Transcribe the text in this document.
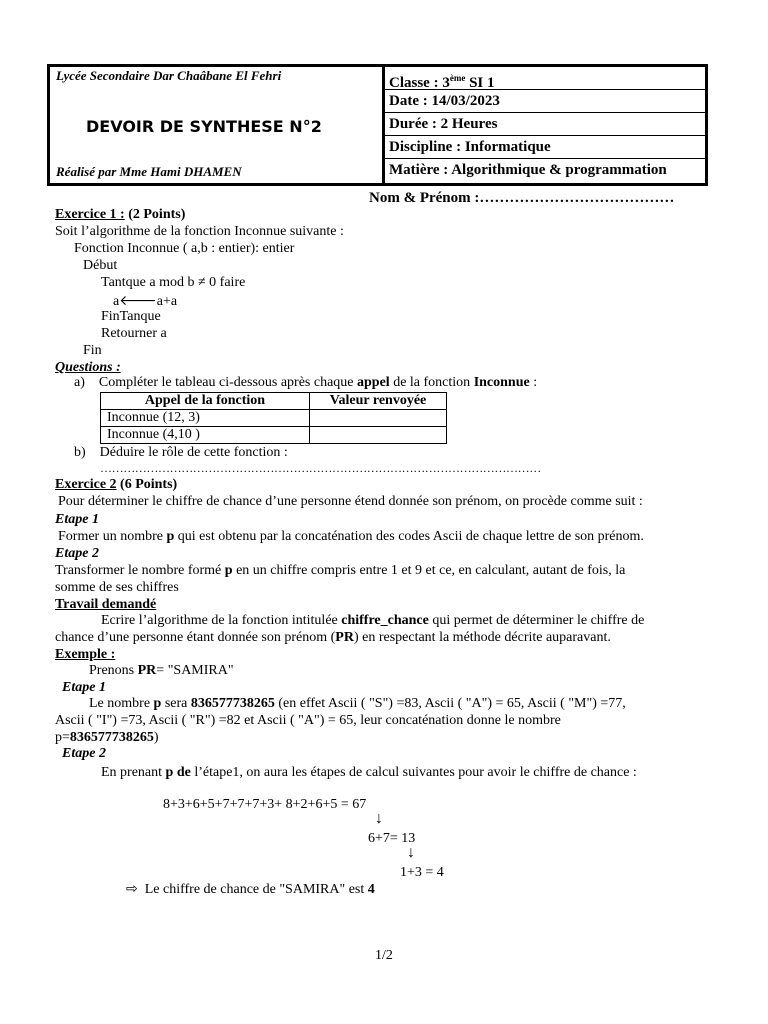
Lycée Secondaire Dar Chaâbane El Fehri
DEVOIR DE SYNTHESE N°2
Réalisé par Mme Hami DHAMEN
Classe : 3ème SI 1
Date : 14/03/2023
Durée : 2 Heures
Discipline : Informatique
Matière : Algorithmique & programmation
Nom & Prénom :…………………………………
Exercice 1 : (2 Points)
Soit l’algorithme de la fonction Inconnue suivante :
Fonction Inconnue ( a,b : entier): entier
Début
Tantque a mod b ≠ 0 faire
a🡐a+a
FinTanque
Retourner a
Fin
Questions :
a) Compléter le tableau ci-dessous après chaque appel de la fonction Inconnue :
Appel de la fonction	Valeur renvoyée
Inconnue (12, 3)	
Inconnue (4,10 )	
b) Déduire le rôle de cette fonction :
……………………………………………………………………………………………………
Exercice 2 (6 Points)
Pour déterminer le chiffre de chance d’une personne étend donnée son prénom, on procède comme suit :
Etape 1
Former un nombre p qui est obtenu par la concaténation des codes Ascii de chaque lettre de son prénom.
Etape 2
Transformer le nombre formé p en un chiffre compris entre 1 et 9 et ce, en calculant, autant de fois, la
somme de ses chiffres
Travail demandé
Ecrire l’algorithme de la fonction intitulée chiffre_chance qui permet de déterminer le chiffre de
chance d’une personne étant donnée son prénom (PR) en respectant la méthode décrite auparavant.
Exemple :
Prenons PR= "SAMIRA"
Etape 1
Le nombre p sera 836577738265 (en effet Ascii ( "S") =83, Ascii ( "A") = 65, Ascii ( "M") =77,
Ascii ( "I") =73, Ascii ( "R") =82 et Ascii ( "A") = 65, leur concaténation donne le nombre
p=836577738265)
Etape 2
En prenant p de l’étape1, on aura les étapes de calcul suivantes pour avoir le chiffre de chance :
8+3+6+5+7+7+7+3+ 8+2+6+5 = 67
↓
6+7= 13
↓
1+3 = 4
⇨ Le chiffre de chance de "SAMIRA" est 4
1/2
